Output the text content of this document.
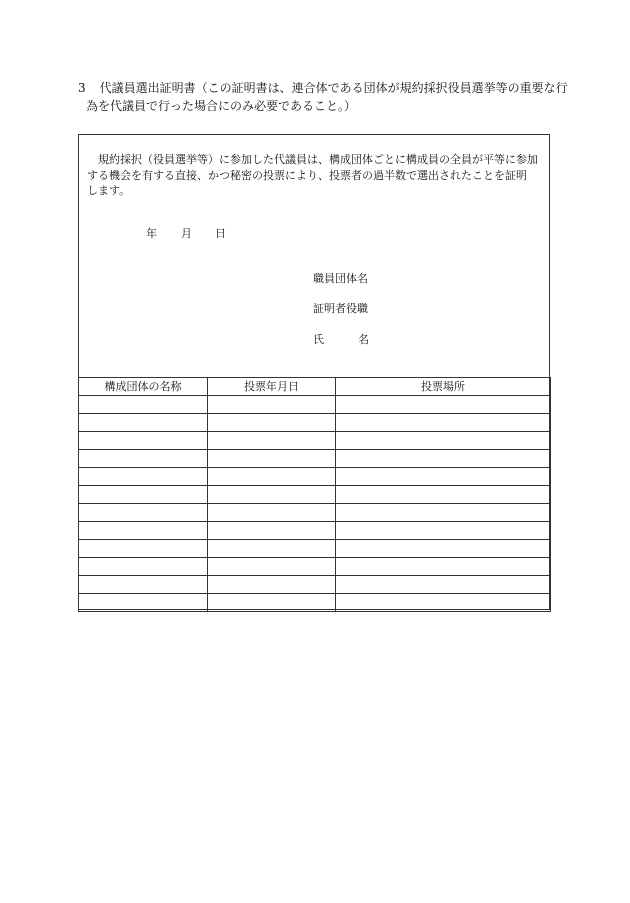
3 代議員選出証明書（この証明書は、連合体である団体が規約採択役員選挙等の重要な行
為を代議員で行った場合にのみ必要であること。）
規約採択（役員選挙等）に参加した代議員は、構成団体ごとに構成員の全員が平等に参加
する機会を有する直接、かつ秘密の投票により、投票者の過半数で選出されたことを証明
します。
年 月 日
職員団体名
証明者役職
氏名
構成団体の名称	投票年月日	投票場所
